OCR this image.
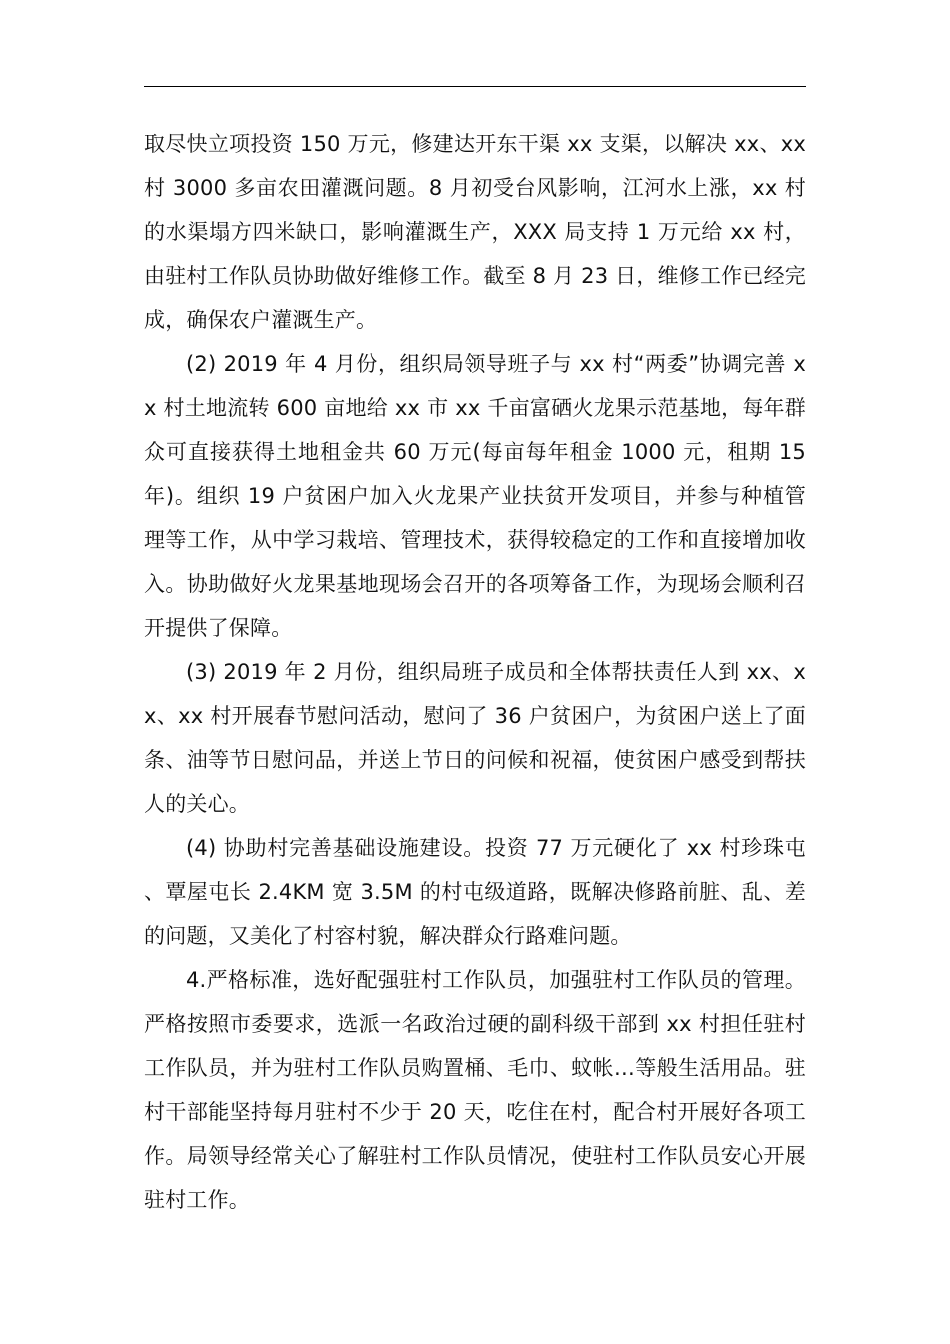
取尽快立项投资 150 万元，修建达开东干渠 xx 支渠，以解决 xx、xx 村 3000 多亩农田灌溉问题。8 月初受台风影响，江河水上涨，xx 村的水渠塌方四米缺口，影响灌溉生产，XXX 局支持 1 万元给 xx 村，由驻村工作队员协助做好维修工作。截至 8 月 23 日，维修工作已经完成，确保农户灌溉生产。

(2) 2019 年 4 月份，组织局领导班子与 xx 村“两委”协调完善 xx 村土地流转 600 亩地给 xx 市 xx 千亩富硒火龙果示范基地，每年群众可直接获得土地租金共 60 万元(每亩每年租金 1000 元，租期 15 年)。组织 19 户贫困户加入火龙果产业扶贫开发项目，并参与种植管理等工作，从中学习栽培、管理技术，获得较稳定的工作和直接增加收入。协助做好火龙果基地现场会召开的各项筹备工作，为现场会顺利召开提供了保障。

(3) 2019 年 2 月份，组织局班子成员和全体帮扶责任人到 xx、xx、xx 村开展春节慰问活动，慰问了 36 户贫困户，为贫困户送上了面条、油等节日慰问品，并送上节日的问候和祝福，使贫困户感受到帮扶人的关心。

(4) 协助村完善基础设施建设。投资 77 万元硬化了 xx 村珍珠屯、覃屋屯长 2.4KM 宽 3.5M 的村屯级道路，既解决修路前脏、乱、差的问题，又美化了村容村貌，解决群众行路难问题。

4.严格标准，选好配强驻村工作队员，加强驻村工作队员的管理。严格按照市委要求，选派一名政治过硬的副科级干部到 xx 村担任驻村工作队员，并为驻村工作队员购置桶、毛巾、蚊帐…等般生活用品。驻村干部能坚持每月驻村不少于 20 天，吃住在村，配合村开展好各项工作。局领导经常关心了解驻村工作队员情况，使驻村工作队员安心开展驻村工作。
